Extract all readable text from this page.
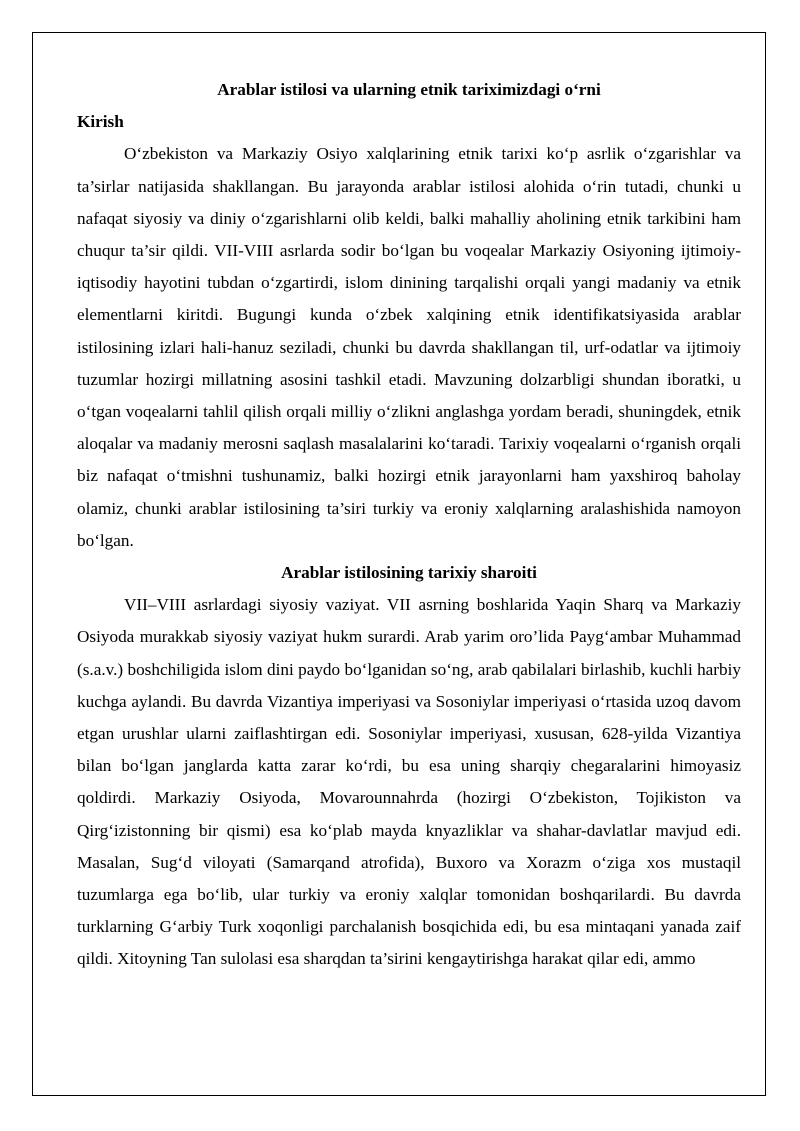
Arablar istilosi va ularning etnik tariximizdagi o‘rni

Kirish

O‘zbekiston va Markaziy Osiyo xalqlarining etnik tarixi ko‘p asrlik o‘zgarishlar va ta’sirlar natijasida shakllangan. Bu jarayonda arablar istilosi alohida o‘rin tutadi, chunki u nafaqat siyosiy va diniy o‘zgarishlarni olib keldi, balki mahalliy aholining etnik tarkibini ham chuqur ta’sir qildi. VII-VIII asrlarda sodir bo‘lgan bu voqealar Markaziy Osiyoning ijtimoiy-iqtisodiy hayotini tubdan o‘zgartirdi, islom dinining tarqalishi orqali yangi madaniy va etnik elementlarni kiritdi. Bugungi kunda o‘zbek xalqining etnik identifikatsiyasida arablar istilosining izlari hali-hanuz seziladi, chunki bu davrda shakllangan til, urf-odatlar va ijtimoiy tuzumlar hozirgi millatning asosini tashkil etadi. Mavzuning dolzarbligi shundan iboratki, u o‘tgan voqealarni tahlil qilish orqali milliy o‘zlikni anglashga yordam beradi, shuningdek, etnik aloqalar va madaniy merosni saqlash masalalarini ko‘taradi. Tarixiy voqealarni o‘rganish orqali biz nafaqat o‘tmishni tushunamiz, balki hozirgi etnik jarayonlarni ham yaxshiroq baholay olamiz, chunki arablar istilosining ta’siri turkiy va eroniy xalqlarning aralashishida namoyon bo‘lgan.

Arablar istilosining tarixiy sharoiti

VII–VIII asrlardagi siyosiy vaziyat. VII asrning boshlarida Yaqin Sharq va Markaziy Osiyoda murakkab siyosiy vaziyat hukm surardi. Arab yarim oro’lida Payg‘ambar Muhammad (s.a.v.) boshchiligida islom dini paydo bo‘lganidan so‘ng, arab qabilalari birlashib, kuchli harbiy kuchga aylandi. Bu davrda Vizantiya imperiyasi va Sosoniylar imperiyasi o‘rtasida uzoq davom etgan urushlar ularni zaiflashtirgan edi. Sosoniylar imperiyasi, xususan, 628-yilda Vizantiya bilan bo‘lgan janglarda katta zarar ko‘rdi, bu esa uning sharqiy chegaralarini himoyasiz qoldirdi. Markaziy Osiyoda, Movarounnahrda (hozirgi O‘zbekiston, Tojikiston va Qirg‘izistonning bir qismi) esa ko‘plab mayda knyazliklar va shahar-davlatlar mavjud edi. Masalan, Sug‘d viloyati (Samarqand atrofida), Buxoro va Xorazm o‘ziga xos mustaqil tuzumlarga ega bo‘lib, ular turkiy va eroniy xalqlar tomonidan boshqarilardi. Bu davrda turklarning G‘arbiy Turk xoqonligi parchalanish bosqichida edi, bu esa mintaqani yanada zaif qildi. Xitoyning Tan sulolasi esa sharqdan ta’sirini kengaytirishga harakat qilar edi, ammo
